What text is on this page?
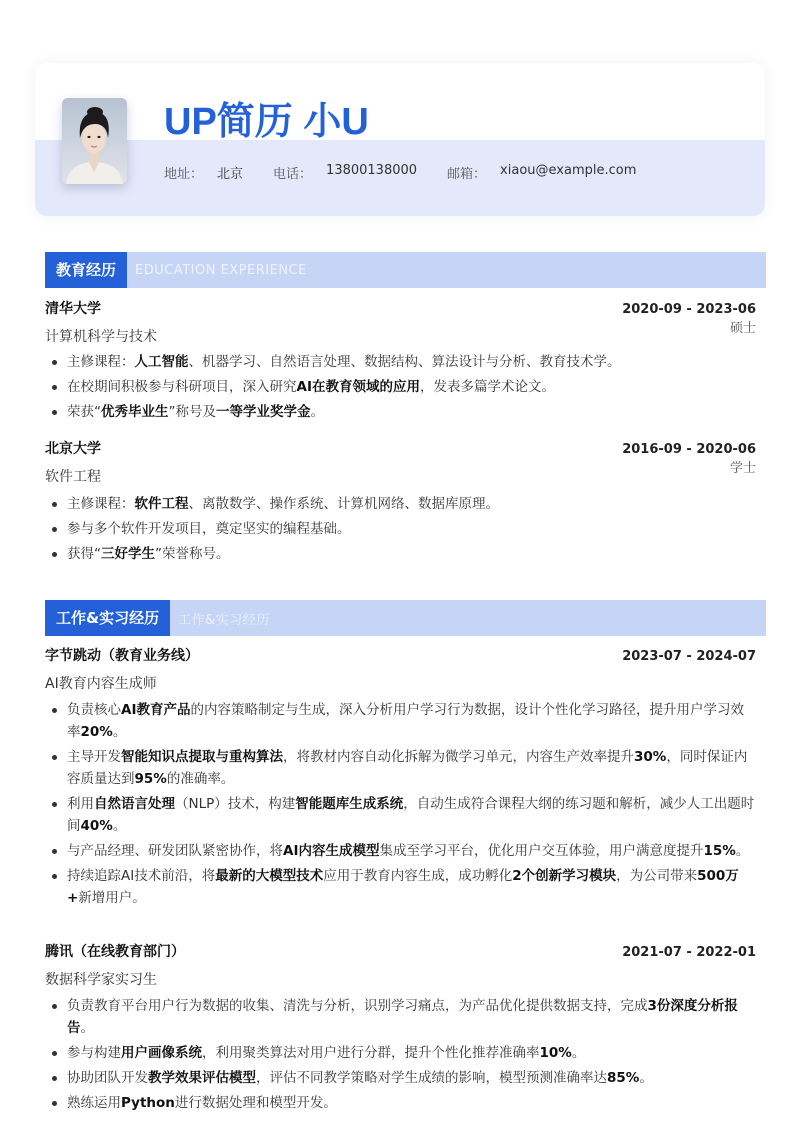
UP简历 小U
地址： 北京 电话： 13800138000 邮箱： xiaou@example.com
教育经历	EDUCATION EXPERIENCE
清华大学	2020-09 - 2023-06
硕士
计算机科学与技术
主修课程：人工智能、机器学习、自然语言处理、数据结构、算法设计与分析、教育技术学。
在校期间积极参与科研项目，深入研究AI在教育领域的应用，发表多篇学术论文。
荣获“优秀毕业生”称号及一等学业奖学金。
北京大学	2016-09 - 2020-06
学士
软件工程
主修课程：软件工程、离散数学、操作系统、计算机网络、数据库原理。
参与多个软件开发项目，奠定坚实的编程基础。
获得“三好学生”荣誉称号。
工作&实习经历	工作&实习经历
字节跳动（教育业务线）	2023-07 - 2024-07
AI教育内容生成师
负责核心AI教育产品的内容策略制定与生成，深入分析用户学习行为数据，设计个性化学习路径，提升用户学习效率20%。
主导开发智能知识点提取与重构算法，将教材内容自动化拆解为微学习单元，内容生产效率提升30%，同时保证内容质量达到95%的准确率。
利用自然语言处理（NLP）技术，构建智能题库生成系统，自动生成符合课程大纲的练习题和解析，减少人工出题时间40%。
与产品经理、研发团队紧密协作，将AI内容生成模型集成至学习平台，优化用户交互体验，用户满意度提升15%。
持续追踪AI技术前沿，将最新的大模型技术应用于教育内容生成，成功孵化2个创新学习模块，为公司带来500万+新增用户。
腾讯（在线教育部门）	2021-07 - 2022-01
数据科学家实习生
负责教育平台用户行为数据的收集、清洗与分析，识别学习痛点，为产品优化提供数据支持，完成3份深度分析报告。
参与构建用户画像系统，利用聚类算法对用户进行分群，提升个性化推荐准确率10%。
协助团队开发教学效果评估模型，评估不同教学策略对学生成绩的影响，模型预测准确率达85%。
熟练运用Python进行数据处理和模型开发。
